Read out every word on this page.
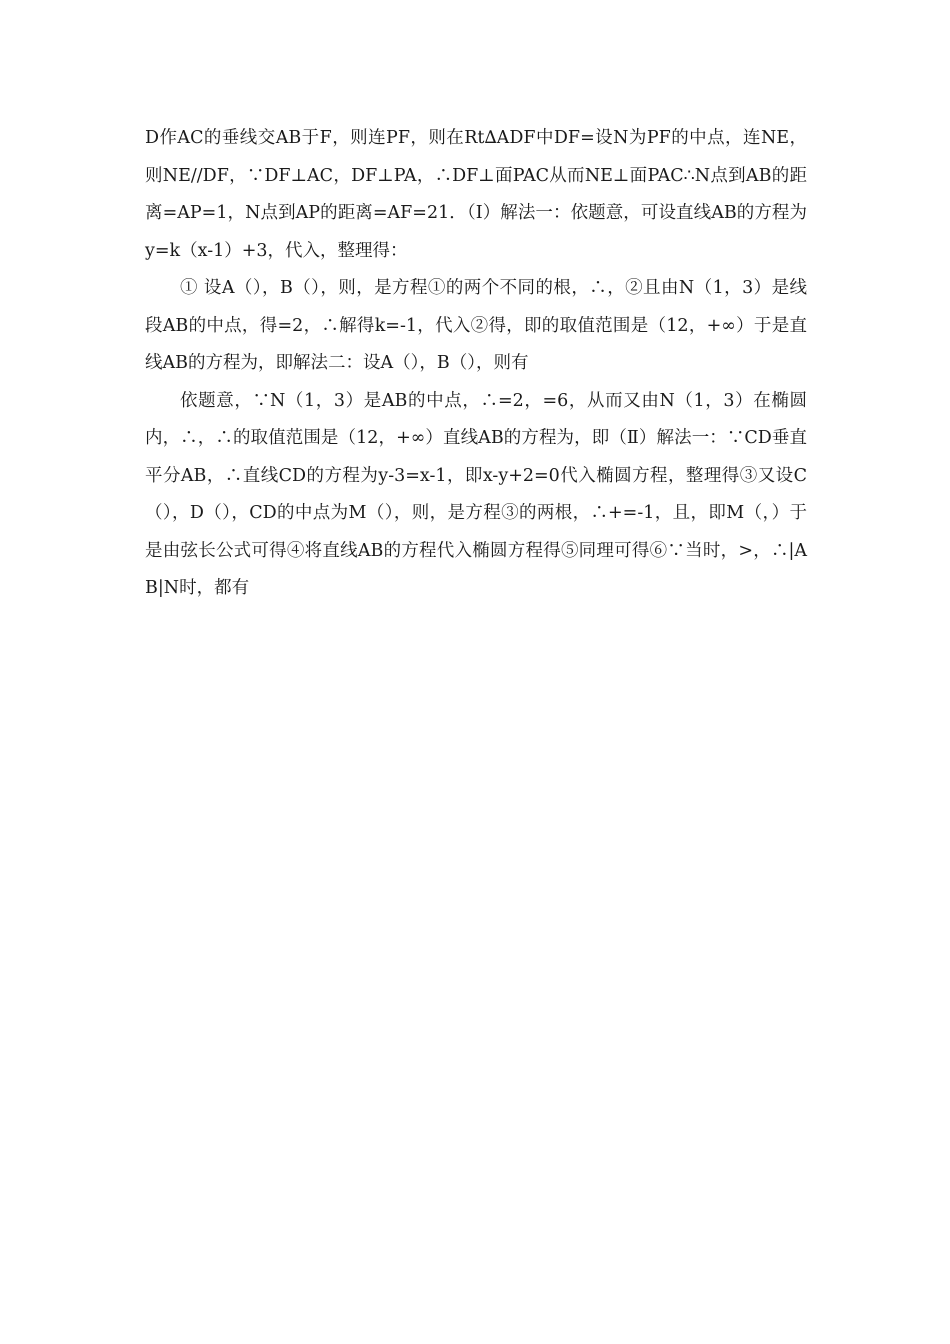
D作AC的垂线交AB于F，则连PF，则在Rt∆ADF中DF=设N为PF的中点，连NE，则NE//DF，∵DF⊥AC，DF⊥PA，∴DF⊥面PAC从而NE⊥面PAC∴N点到AB的距离=AP=1，N点到AP的距离=AF=21．（Ⅰ）解法一：依题意，可设直线AB的方程为y=k（x-1）+3，代入，整理得：

① 设A（），B（），则，是方程①的两个不同的根，∴，②且由N（1，3）是线段AB的中点，得=2，∴解得k=-1，代入②得，即的取值范围是（12，+∞）于是直线AB的方程为，即解法二：设A（），B（），则有

依题意，∵N（1，3）是AB的中点，∴=2，=6，从而又由N（1，3）在椭圆内，∴，∴的取值范围是（12，+∞）直线AB的方程为，即（Ⅱ）解法一：∵CD垂直平分AB，∴直线CD的方程为y-3=x-1，即x-y+2=0代入椭圆方程，整理得③又设C（），D（），CD的中点为M（），则，是方程③的两根，∴+=-1，且，即M（，）于是由弦长公式可得④将直线AB的方程代入椭圆方程得⑤同理可得⑥∵当时，>，∴|AB|N时，都有
